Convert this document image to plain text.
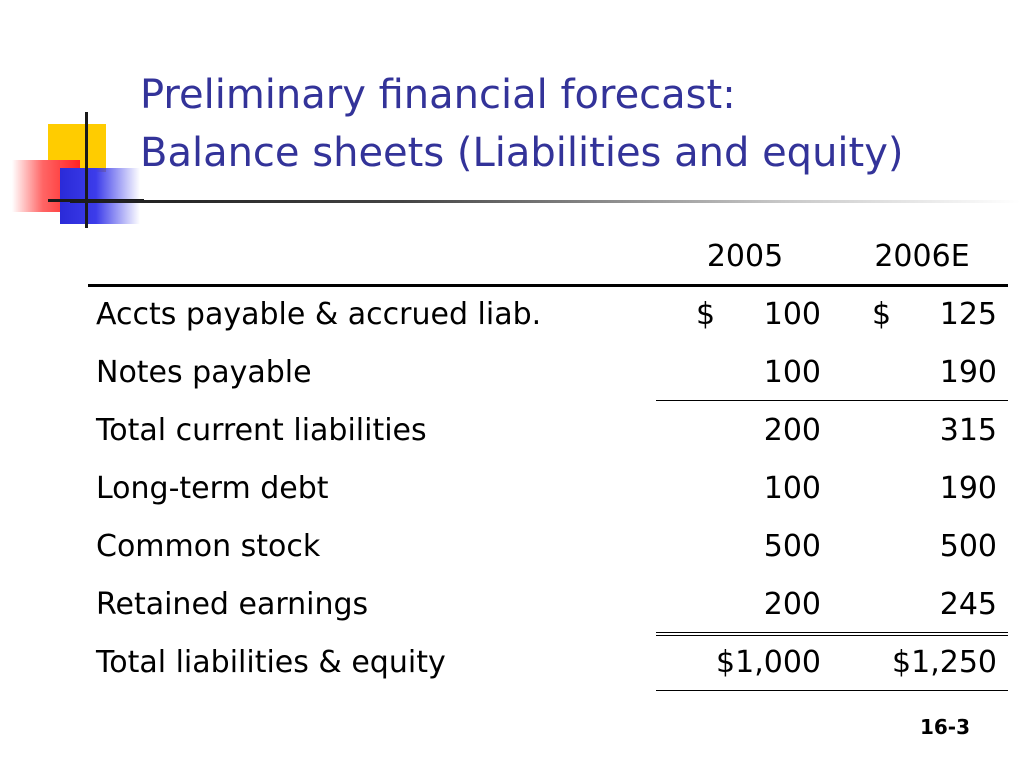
Preliminary financial forecast:
Balance sheets (Liabilities and equity)
2005	2006E
Accts payable & accrued liab.	$ 100 $ 125
Notes payable	100	190
Total current liabilities	200	315
Long-term debt	100	190
Common stock	500	500
Retained earnings	200	245
Total liabilities & equity	$1,000 $1,250
16-3
